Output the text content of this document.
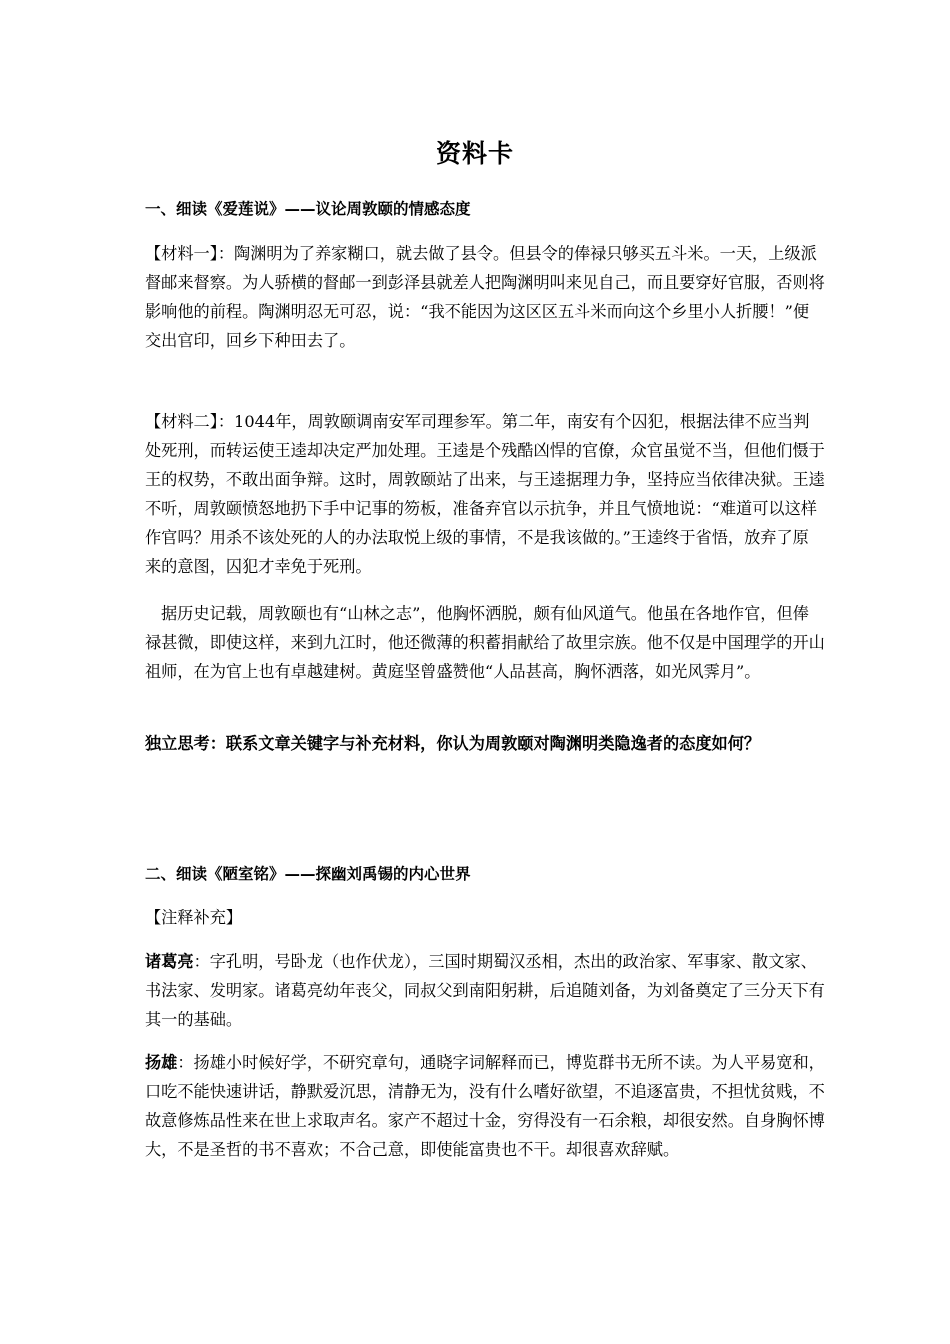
资料卡

一、细读《爱莲说》——议论周敦颐的情感态度

【材料一】：陶渊明为了养家糊口，就去做了县令。但县令的俸禄只够买五斗米。一天，上级派督邮来督察。为人骄横的督邮一到彭泽县就差人把陶渊明叫来见自己，而且要穿好官服，否则将影响他的前程。陶渊明忍无可忍，说：“我不能因为这区区五斗米而向这个乡里小人折腰！”便交出官印，回乡下种田去了。

【材料二】：1044年，周敦颐调南安军司理参军。第二年，南安有个囚犯，根据法律不应当判处死刑，而转运使王逵却决定严加处理。王逵是个残酷凶悍的官僚，众官虽觉不当，但他们慑于王的权势，不敢出面争辩。这时，周敦颐站了出来，与王逵据理力争，坚持应当依律决狱。王逵不听，周敦颐愤怒地扔下手中记事的笏板，准备弃官以示抗争，并且气愤地说：“难道可以这样作官吗？用杀不该处死的人的办法取悦上级的事情，不是我该做的。”王逵终于省悟，放弃了原来的意图，囚犯才幸免于死刑。

据历史记载，周敦颐也有“山林之志”，他胸怀洒脱，颇有仙风道气。他虽在各地作官，但俸禄甚微，即使这样，来到九江时，他还微薄的积蓄捐献给了故里宗族。他不仅是中国理学的开山祖师，在为官上也有卓越建树。黄庭坚曾盛赞他“人品甚高，胸怀洒落，如光风霁月”。

独立思考：联系文章关键字与补充材料，你认为周敦颐对陶渊明类隐逸者的态度如何？

二、细读《陋室铭》——探幽刘禹锡的内心世界

【注释补充】

诸葛亮：字孔明，号卧龙（也作伏龙），三国时期蜀汉丞相，杰出的政治家、军事家、散文家、书法家、发明家。诸葛亮幼年丧父，同叔父到南阳躬耕，后追随刘备，为刘备奠定了三分天下有其一的基础。

扬雄：扬雄小时候好学，不研究章句，通晓字词解释而已，博览群书无所不读。为人平易宽和，口吃不能快速讲话，静默爱沉思，清静无为，没有什么嗜好欲望，不追逐富贵，不担忧贫贱，不故意修炼品性来在世上求取声名。家产不超过十金，穷得没有一石余粮，却很安然。自身胸怀博大，不是圣哲的书不喜欢；不合己意，即使能富贵也不干。却很喜欢辞赋。
